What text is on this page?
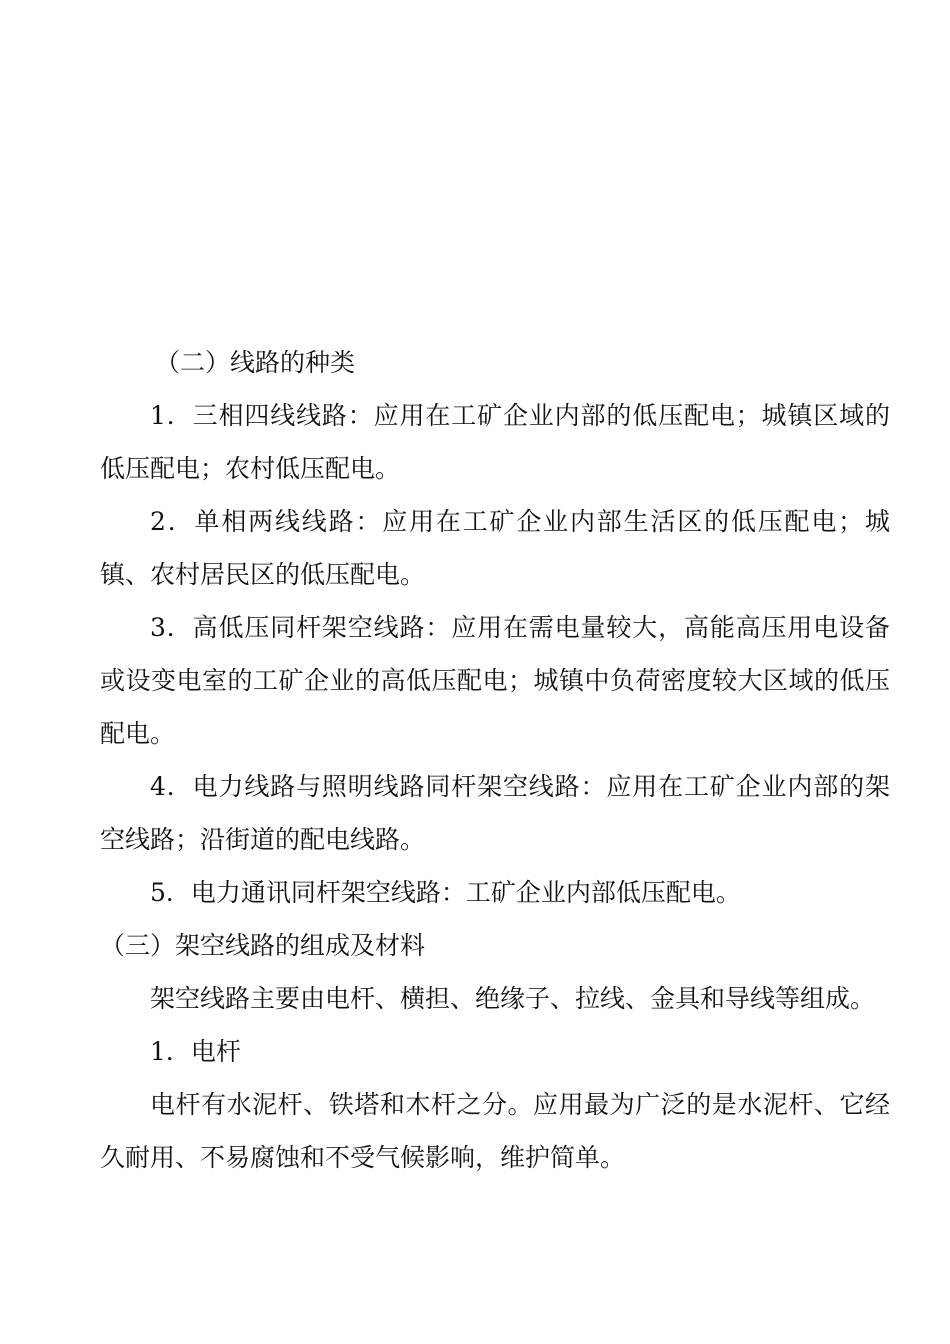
（二）线路的种类

1．三相四线线路：应用在工矿企业内部的低压配电；城镇区域的低压配电；农村低压配电。

2．单相两线线路：应用在工矿企业内部生活区的低压配电；城镇、农村居民区的低压配电。

3．高低压同杆架空线路：应用在需电量较大，高能高压用电设备或设变电室的工矿企业的高低压配电；城镇中负荷密度较大区域的低压配电。

4．电力线路与照明线路同杆架空线路：应用在工矿企业内部的架空线路；沿街道的配电线路。

5．电力通讯同杆架空线路：工矿企业内部低压配电。

（三）架空线路的组成及材料

架空线路主要由电杆、横担、绝缘子、拉线、金具和导线等组成。

1．电杆

电杆有水泥杆、铁塔和木杆之分。应用最为广泛的是水泥杆、它经久耐用、不易腐蚀和不受气候影响，维护简单。
